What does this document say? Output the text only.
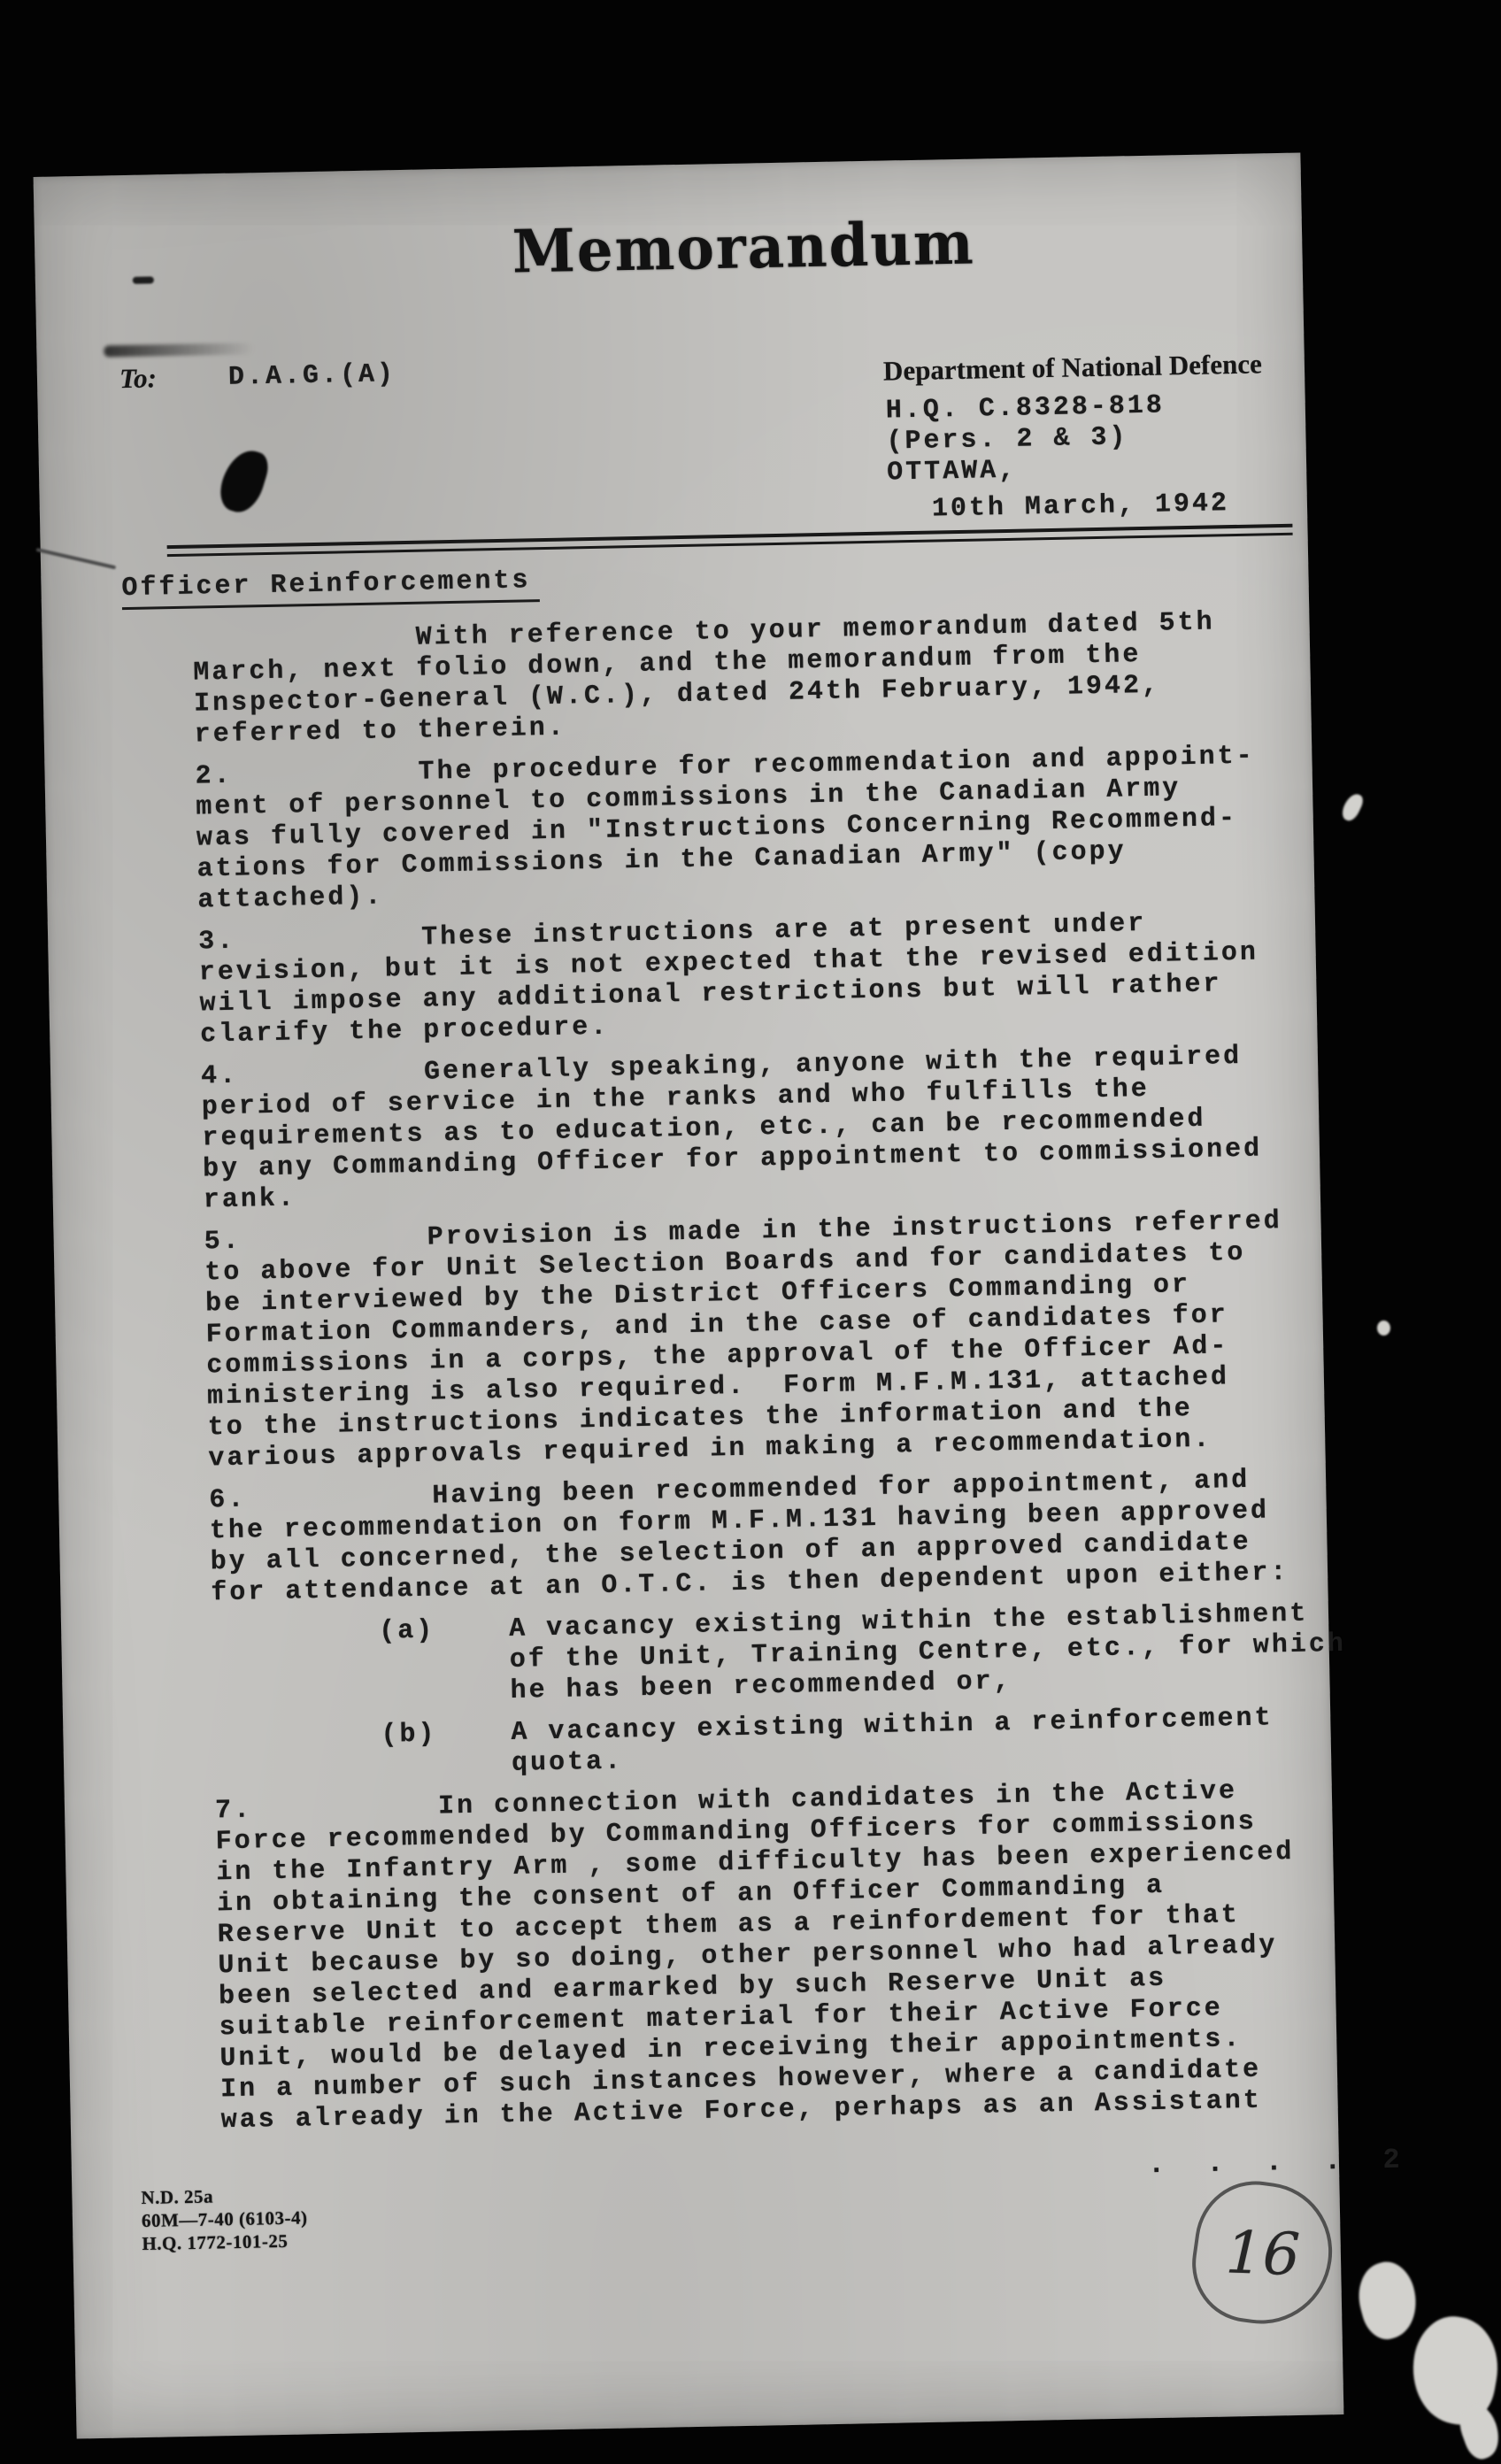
Memorandum
To:	D.A.G.(A)	Department of National Defence
H.Q. C.8328-818
(Pers. 2 & 3)
OTTAWA,
10th March, 1942
Officer Reinforcements
With reference to your memorandum dated 5th
March, next folio down, and the memorandum from the
Inspector-General (W.C.), dated 24th February, 1942,
referred to therein.
2.          The procedure for recommendation and appoint-
ment of personnel to commissions in the Canadian Army
was fully covered in "Instructions Concerning Recommend-
ations for Commissions in the Canadian Army" (copy
attached).
3.          These instructions are at present under
revision, but it is not expected that the revised edition
will impose any additional restrictions but will rather
clarify the procedure.
4.          Generally speaking, anyone with the required
period of service in the ranks and who fulfills the
requirements as to education, etc., can be recommended
by any Commanding Officer for appointment to commissioned
rank.
5.          Provision is made in the instructions referred
to above for Unit Selection Boards and for candidates to
be interviewed by the District Officers Commanding or
Formation Commanders, and in the case of candidates for
commissions in a corps, the approval of the Officer Ad-
ministering is also required.  Form M.F.M.131, attached
to the instructions indicates the information and the
various approvals required in making a recommendation.
6.          Having been recommended for appointment, and
the recommendation on form M.F.M.131 having been approved
by all concerned, the selection of an approved candidate
for attendance at an O.T.C. is then dependent upon either:
(a)    A vacancy existing within the establishment
of the Unit, Training Centre, etc., for which
he has been recommended or,
(b)    A vacancy existing within a reinforcement
quota.
7.          In connection with candidates in the Active
Force recommended by Commanding Officers for commissions
in the Infantry Arm , some difficulty has been experienced
in obtaining the consent of an Officer Commanding a
Reserve Unit to accept them as a reinfordement for that
Unit because by so doing, other personnel who had already
been selected and earmarked by such Reserve Unit as
suitable reinforcement material for their Active Force
Unit, would be delayed in receiving their appointments.
In a number of such instances however, where a candidate
was already in the Active Force, perhaps as an Assistant
N.D. 25a
60M—7-40 (6103-4)
H.Q. 1772-101-25
. . . . 2
16
